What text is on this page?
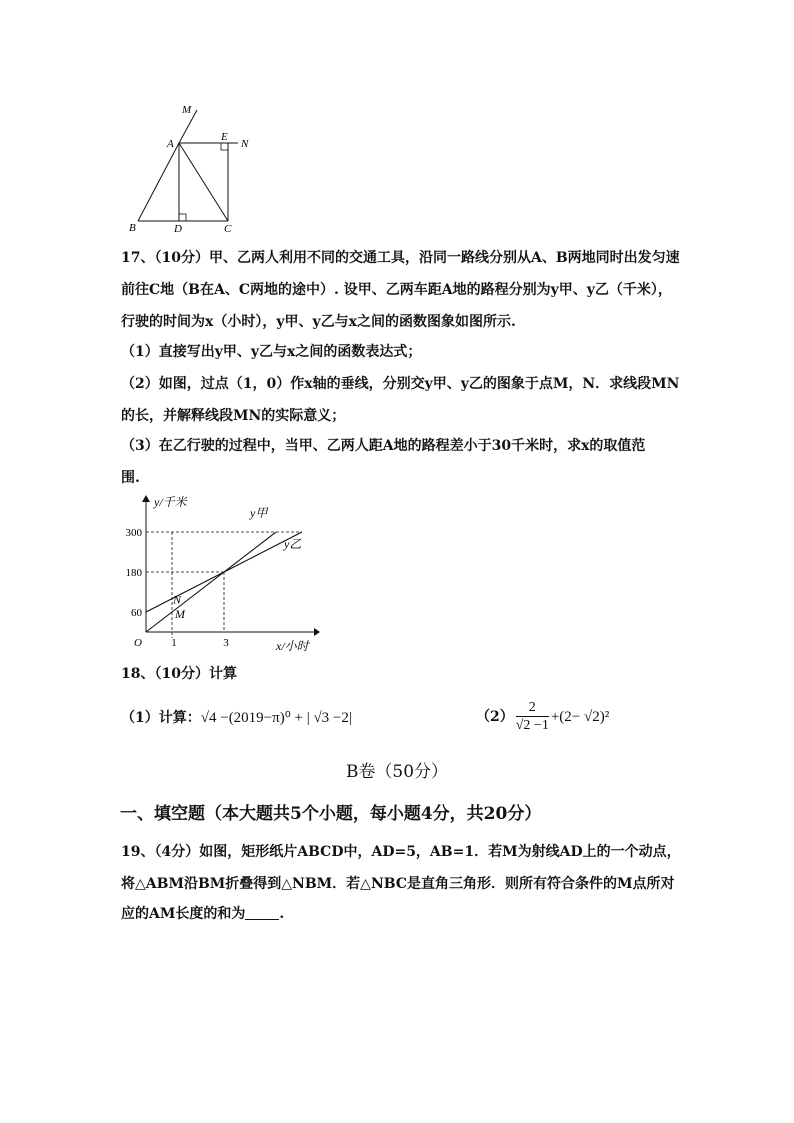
M
A
E
N
B	D	C
17、（10分）甲、乙两人利用不同的交通工具，沿同一路线分别从A、B两地同时出发匀速
前往C地（B在A、C两地的途中）. 设甲、乙两车距A地的路程分别为y甲、y乙（千米），
行驶的时间为x（小时），y甲、y乙与x之间的函数图象如图所示.
（1）直接写出y甲、y乙与x之间的函数表达式；
（2）如图，过点（1，0）作x轴的垂线，分别交y甲、y乙的图象于点M，N．求线段MN
的长，并解释线段MN的实际意义；
（3）在乙行驶的过程中，当甲、乙两人距A地的路程差小于30千米时，求x的取值范
围.
y甲
y乙
N
M
60
180
300
1	3
O
y/千米
x/小时
18、（10分）计算
（1）计算：√4 −(2019−π)⁰ + | √3 −2|	$(2) \frac{2}{√2 -1} +(2- √2)^2$
B卷（50分）
一、填空题（本大题共5个小题，每小题4分，共20分）
19、（4分）如图，矩形纸片ABCD中，AD=5，AB=1．若M为射线AD上的一个动点，
将△ABM沿BM折叠得到△NBM．若△NBC是直角三角形．则所有符合条件的M点所对
应的AM长度的和为 .
